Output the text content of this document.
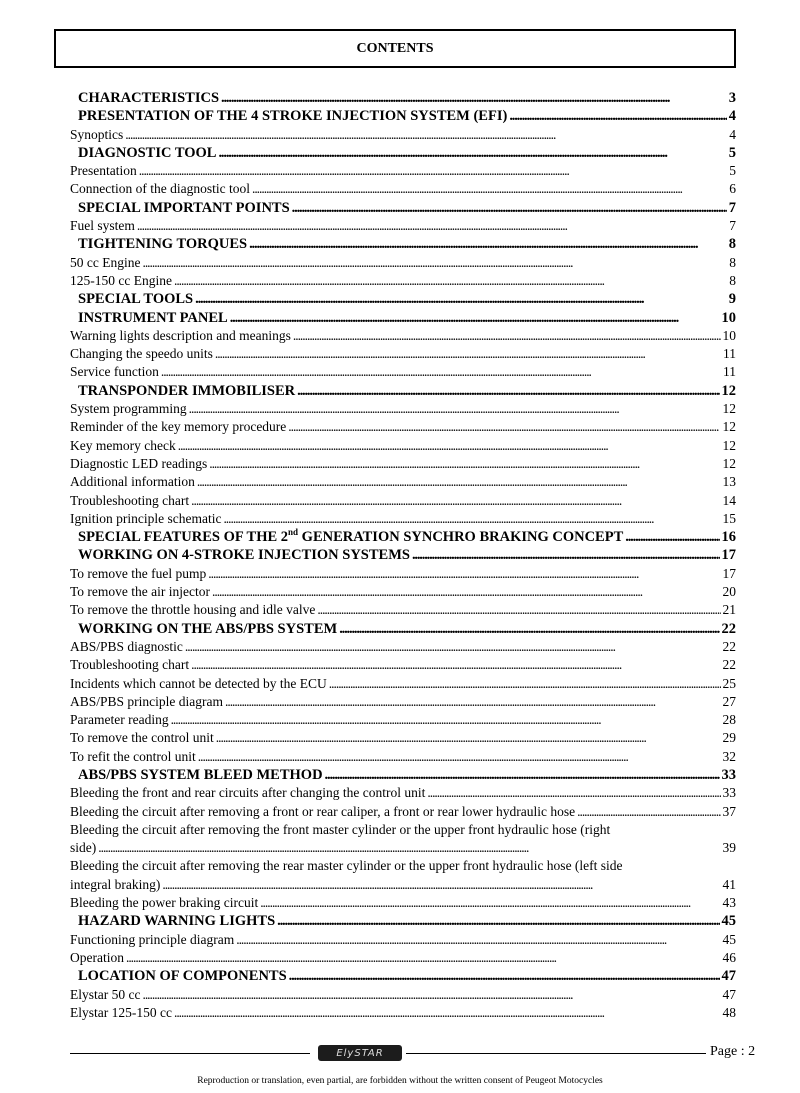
CONTENTS
CHARACTERISTICS . . .	3
PRESENTATION OF THE 4 STROKE INJECTION SYSTEM (EFI) . . .	4
Synoptics . . .	4
DIAGNOSTIC TOOL . . .	5
Presentation . . .	5
Connection of the diagnostic tool . . .	6
SPECIAL IMPORTANT POINTS . . .	7
Fuel system . . .	7
TIGHTENING TORQUES . . .	8
50 cc Engine . . .	8
125-150 cc Engine . . .	8
SPECIAL TOOLS . . .	9
INSTRUMENT PANEL . . .	10
Warning lights description and meanings . . .	10
Changing the speedo units . . .	11
Service function . . .	11
TRANSPONDER IMMOBILISER . . .	12
System programming . . .	12
Reminder of the key memory procedure . . .	12
Key memory check . . .	12
Diagnostic LED readings . . .	12
Additional information . . .	13
Troubleshooting chart . . .	14
Ignition principle schematic . . .	15
SPECIAL FEATURES OF THE 2nd GENERATION SYNCHRO BRAKING CONCEPT . . .	16
WORKING ON 4-STROKE INJECTION SYSTEMS . . .	17
To remove the fuel pump . . .	17
To remove the air injector . . .	20
To remove the throttle housing and idle valve . . .	21
WORKING ON THE ABS/PBS SYSTEM . . .	22
ABS/PBS diagnostic . . .	22
Troubleshooting chart . . .	22
Incidents which cannot be detected by the ECU . . .	25
ABS/PBS principle diagram . . .	27
Parameter reading . . .	28
To remove the control unit . . .	29
To refit the control unit . . .	32
ABS/PBS SYSTEM BLEED METHOD . . .	33
Bleeding the front and rear circuits after changing the control unit . . .	33
Bleeding the circuit after removing a front or rear caliper, a front or rear lower hydraulic hose . . .	37
Bleeding the circuit after removing the front master cylinder or the upper front hydraulic hose (right
side) . . .	39
Bleeding the circuit after removing the rear master cylinder or the upper front hydraulic hose (left side
integral braking) . . .	41
Bleeding the power braking circuit . . .	43
HAZARD WARNING LIGHTS . . .	45
Functioning principle diagram . . .	45
Operation . . .	46
LOCATION OF COMPONENTS . . .	47
Elystar 50 cc . . .	47
Elystar 125-150 cc . . .	48
ElySTAR	Page : 2
Reproduction or translation, even partial, are forbidden without the written consent of Peugeot Motocycles
